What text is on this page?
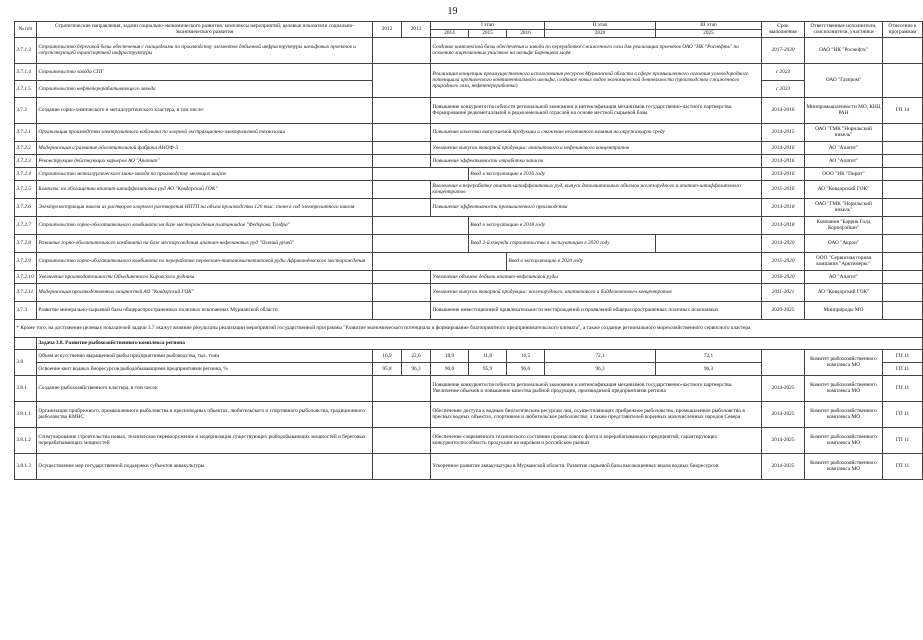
19
№ п/п	Стратегические направления, задачи социально-экономического развития, комплексы мероприятий, целевые показатели социально-экономического развития	2012	2013	I этап			II этап	III этап	Срок выполнения	Ответственные исполнители, соисполнители, участники	Отнесение к программам
				2014	2015	2016	2020	2025			
3.7.1.3	Строительство береговой базы обеспечения с площадками по производству элементов добычной инфраструктуры шельфовых проектов и сопутствующей транспортной инфраструктуры			Создание комплексной базы обеспечения и завода по переработке сжиженного газа для реализации проектов ОАО "НК "Роснефть" по освоению лицензионных участков на шельфе Баренцева моря					2017-2030	ОАО "НК "Роснефть"	
3.7.1.4	Строительство завода СПГ			Реализация концепции преимущественного использования ресурсов Мурманской области в сфере промышленного освоения углеводородного потенциала арктического континентального шельфа, создание новых видов экономической деятельности (производство сжиженного природного газа, нефтепереработка)					с 2023	ОАО "Газпром"	
3.7.1.5	Строительство нефтеперерабатывающего завода								с 2023		
3.7.2	Создание горно-химического и металлургического кластера, в том числе:			Повышение конкурентоспособности региональной экономики и интенсификация механизмов государственно-частного партнерства. Формирование редкометалльной и редкоземельной отраслей на основе местной сырьевой базы					2014-2016	Минпромышленности МО, КНЦ РАН	ГП 14
3.7.2.1	Организация производства электролитного кобальта по хлорной экстракционно-электролизной технологии			Повышение качества выпускаемой продукции и снижение негативного влияния на окружающую среду					2014-2015	ОАО "ГМК "Норильский никель"	
3.7.2.2	Модернизация и развитие обогатительной фабрики АНОФ-3			Увеличение выпуска товарной продукции: апатитового и нефелинового концентратов					2014-2016	АО "Апатит"	
3.7.2.3	Реконструкция действующих карьеров АО "Апатит"			Повышение эффективности отработки запасов					2014-2016	АО "Апатит"	
3.7.2.4	Строительство металлургического мини-завода по производству мелющих шаров				Ввод в эксплуатацию в 2016 году				2014-2016	ООО "ИК "Пирит"	
3.7.2.5	Комплекс по обогащению апатит-штаффелитовых руд АО "Ковдорский ГОК"			Вовлечение в переработку апатит-штаффелитовых руд, выпуск дополнительных объемов железорудного и апатит-штаффелитового концентратов					2015-2016	АО "Ковдорский ГОК"	
3.7.2.6	Электроэкстракция никеля из растворов хлорного растворения НПТП на объем производства 120 тыс. тонн в год электролитного никеля			Повышение эффективности промышленного производства					2014-2018	ОАО "ГМК "Норильский никель"	
3.7.2.7	Строительство горно-обогатительного комбината на базе месторождения платиноидов "Федорова Тундра"				Ввод в эксплуатацию в 2018 году				2014-2018	Компания "Баррик Голд Корпорэйшн"	
3.7.2.8	Развитие горно-обогатительного комбината на базе месторождения апатит-нефелиновых руд "Олений ручей"				Ввод 2-й очереди строительства в эксплуатацию в 2020 году				2014-2020	ОАО "Акрон"	
3.7.2.9	Строительство горно-обогатительного комбината по переработке перовскит-титаномагнетитовой руды Африкандовского месторождения					Ввод в эксплуатацию в 2020 году			2015-2020	ООО "Сервисная горная компания "Арктимеркс"	
3.7.2.10	Увеличение производительности Объединенного Кировского рудника			Увеличение объемов добычи апатит-нефелиновой руды					2016-2020	АО "Апатит"	
3.7.2.11	Модернизация производственных мощностей АО "Ковдорский ГОК"			Увеличение выпуска товарной продукции: железорудного, апатитового и бадделеитового концентратов					2011-2021	АО "Ковдорский ГОК"	
3.7.3	Развитие минерально-сырьевой базы общераспространенных полезных ископаемых Мурманской области			Повышение инвестиционной привлекательности месторождений и проявлений общераспространенных полезных ископаемых					2020-2025	Минприроды МО	
* Кроме того, на достижение целевых показателей задачи 3.7 окажут влияние результаты реализации мероприятий государственной программы "Развитие экономического потенциала и формирование благоприятного предпринимательского климата", а также создание регионального морехозяйственного сервисного кластера											
	Задача 3.8. Развитие рыбохозяйственного комплекса региона										
3.8	Объем искусственно выращенной рыбы предприятиями рыбоводства, тыс. тонн	16,9	22,6	18,9	11,8	16,5	72,1	72,1		Комитет рыбохозяйственного комплекса МО	ГП 11
	Освоение квот водных биоресурсов рыбодобывающими предприятиями региона, %	95,8	96,3	96,0	95,9	96,0	96,3	96,3			ГП 11
3.8.1	Создание рыбохозяйственного кластера, в том числе:			Повышение конкурентоспособности региональной экономики и интенсификация механизмов государственно-частного партнерства. Увеличение объемов и повышение качества рыбной продукции, производимой предприятиями региона					2014-2025	Комитет рыбохозяйственного комплекса МО	ГП 11
3.8.1.1	Организация прибрежного, промышленного рыболовства в пресноводных объектах, любительского и спортивного рыболовства, традиционного рыболовства КМНС			Обеспечение доступа к водным биологическим ресурсам лиц, осуществляющих прибрежное рыболовство, промышленное рыболовство в пресных водных объектах, спортивное и любительское рыболовство, а также представителей коренных малочисленных народов Севера					2014-2025	Комитет рыбохозяйственного комплекса МО	ГП 11
3.8.1.2	Стимулирование строительства новых, техническое перевооружение и модернизация существующих рыбодобывающих мощностей и береговых перерабатывающих мощностей			Обеспечение современного технического состояния промыслового флота и перерабатывающих предприятий, гарантирующих конкурентоспособность продукции на мировом и российском рынках					2014-2025	Комитет рыбохозяйственного комплекса МО	ГП 11
3.8.1.3	Осуществление мер государственной поддержки субъектов аквакультуры			Ускоренное развитие аквакультуры в Мурманской области. Развитие сырьевой базы высокоценных видов водных биоресурсов					2014-2025	Комитет рыбохозяйственного комплекса МО	ГП 11
